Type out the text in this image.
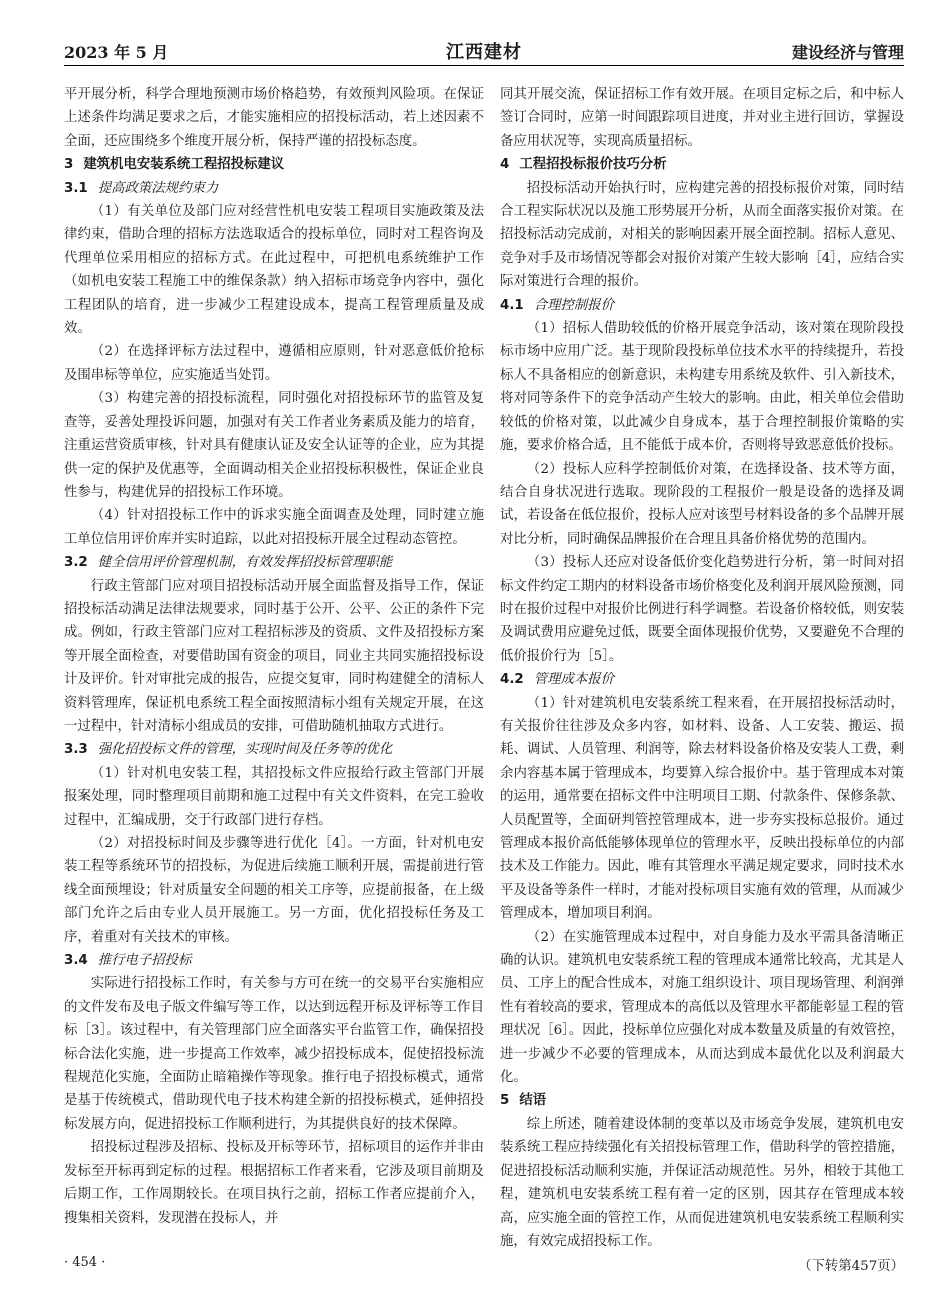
2023 年 5 月	江西建材	建设经济与管理

平开展分析，科学合理地预测市场价格趋势，有效预判风险项。在保证上述条件均满足要求之后，才能实施相应的招投标活动，若上述因素不全面，还应围绕多个维度开展分析，保持严谨的招投标态度。

3 建筑机电安装系统工程招投标建议
3.1 提高政策法规约束力

（1）有关单位及部门应对经营性机电安装工程项目实施政策及法律约束，借助合理的招标方法选取适合的投标单位，同时对工程咨询及代理单位采用相应的招标方式。在此过程中，可把机电系统维护工作（如机电安装工程施工中的维保条款）纳入招标市场竞争内容中，强化工程团队的培育，进一步减少工程建设成本，提高工程管理质量及成效。

（2）在选择评标方法过程中，遵循相应原则，针对恶意低价抢标及围串标等单位，应实施适当处罚。

（3）构建完善的招投标流程，同时强化对招投标环节的监管及复查等，妥善处理投诉问题，加强对有关工作者业务素质及能力的培育，注重运营资质审核，针对具有健康认证及安全认证等的企业，应为其提供一定的保护及优惠等，全面调动相关企业招投标积极性，保证企业良性参与，构建优异的招投标工作环境。

（4）针对招投标工作中的诉求实施全面调查及处理，同时建立施工单位信用评价库并实时追踪，以此对招投标开展全过程动态管控。

3.2 健全信用评价管理机制，有效发挥招投标管理职能

行政主管部门应对项目招投标活动开展全面监督及指导工作，保证招投标活动满足法律法规要求，同时基于公开、公平、公正的条件下完成。例如，行政主管部门应对工程招标涉及的资质、文件及招投标方案等开展全面检查，对要借助国有资金的项目，同业主共同实施招投标设计及评价。针对审批完成的报告，应提交复审，同时构建健全的清标人资料管理库，保证机电系统工程全面按照清标小组有关规定开展，在这一过程中，针对清标小组成员的安排，可借助随机抽取方式进行。

3.3 强化招投标文件的管理，实现时间及任务等的优化

（1）针对机电安装工程，其招投标文件应报给行政主管部门开展报案处理，同时整理项目前期和施工过程中有关文件资料，在完工验收过程中，汇编成册，交于行政部门进行存档。

（2）对招投标时间及步骤等进行优化［4］。一方面，针对机电安装工程等系统环节的招投标，为促进后续施工顺利开展，需提前进行管线全面预埋设；针对质量安全问题的相关工序等，应提前报备，在上级部门允许之后由专业人员开展施工。另一方面，优化招投标任务及工序，着重对有关技术的审核。

3.4 推行电子招投标

实际进行招投标工作时，有关参与方可在统一的交易平台实施相应的文件发布及电子版文件编写等工作，以达到远程开标及评标等工作目标［3］。该过程中，有关管理部门应全面落实平台监管工作，确保招投标合法化实施，进一步提高工作效率，减少招投标成本，促使招投标流程规范化实施，全面防止暗箱操作等现象。推行电子招投标模式，通常是基于传统模式，借助现代电子技术构建全新的招投标模式，延伸招投标发展方向，促进招投标工作顺利进行，为其提供良好的技术保障。

招投标过程涉及招标、投标及开标等环节，招标项目的运作并非由发标至开标再到定标的过程。根据招标工作者来看，它涉及项目前期及后期工作，工作周期较长。在项目执行之前，招标工作者应提前介入，搜集相关资料，发现潜在投标人，并

同其开展交流，保证招标工作有效开展。在项目定标之后，和中标人签订合同时，应第一时间跟踪项目进度，并对业主进行回访，掌握设备应用状况等，实现高质量招标。

4 工程招投标报价技巧分析

招投标活动开始执行时，应构建完善的招投标报价对策，同时结合工程实际状况以及施工形势展开分析，从而全面落实报价对策。在招投标活动完成前，对相关的影响因素开展全面控制。招标人意见、竞争对手及市场情况等都会对报价对策产生较大影响［4］，应结合实际对策进行合理的报价。

4.1 合理控制报价

（1）招标人借助较低的价格开展竞争活动，该对策在现阶段投标市场中应用广泛。基于现阶段投标单位技术水平的持续提升，若投标人不具备相应的创新意识，未构建专用系统及软件、引入新技术，将对同等条件下的竞争活动产生较大的影响。由此，相关单位会借助较低的价格对策，以此减少自身成本，基于合理控制报价策略的实施，要求价格合适，且不能低于成本价，否则将导致恶意低价投标。

（2）投标人应科学控制低价对策，在选择设备、技术等方面，结合自身状况进行选取。现阶段的工程报价一般是设备的选择及调试，若设备在低位报价，投标人应对该型号材料设备的多个品牌开展对比分析，同时确保品牌报价在合理且具备价格优势的范围内。

（3）投标人还应对设备低价变化趋势进行分析，第一时间对招标文件约定工期内的材料设备市场价格变化及利润开展风险预测，同时在报价过程中对报价比例进行科学调整。若设备价格较低，则安装及调试费用应避免过低，既要全面体现报价优势，又要避免不合理的低价报价行为［5］。

4.2 管理成本报价

（1）针对建筑机电安装系统工程来看，在开展招投标活动时，有关报价往往涉及众多内容，如材料、设备、人工安装、搬运、损耗、调试、人员管理、利润等，除去材料设备价格及安装人工费，剩余内容基本属于管理成本，均要算入综合报价中。基于管理成本对策的运用，通常要在招标文件中注明项目工期、付款条件、保修条款、人员配置等，全面研判管控管理成本，进一步夯实投标总报价。通过管理成本报价高低能够体现单位的管理水平，反映出投标单位的内部技术及工作能力。因此，唯有其管理水平满足规定要求，同时技术水平及设备等条件一样时，才能对投标项目实施有效的管理，从而减少管理成本，增加项目利润。

（2）在实施管理成本过程中，对自身能力及水平需具备清晰正确的认识。建筑机电安装系统工程的管理成本通常比较高，尤其是人员、工序上的配合性成本，对施工组织设计、项目现场管理、利润弹性有着较高的要求，管理成本的高低以及管理水平都能彰显工程的管理状况［6］。因此，投标单位应强化对成本数量及质量的有效管控，进一步减少不必要的管理成本，从而达到成本最优化以及利润最大化。

5 结语

综上所述，随着建设体制的变革以及市场竞争发展，建筑机电安装系统工程应持续强化有关招投标管理工作，借助科学的管控措施，促进招投标活动顺利实施，并保证活动规范性。另外，相较于其他工程，建筑机电安装系统工程有着一定的区别，因其存在管理成本较高，应实施全面的管控工作，从而促进建筑机电安装系统工程顺利实施，有效完成招投标工作。

（下转第457页）
· 454 ·
